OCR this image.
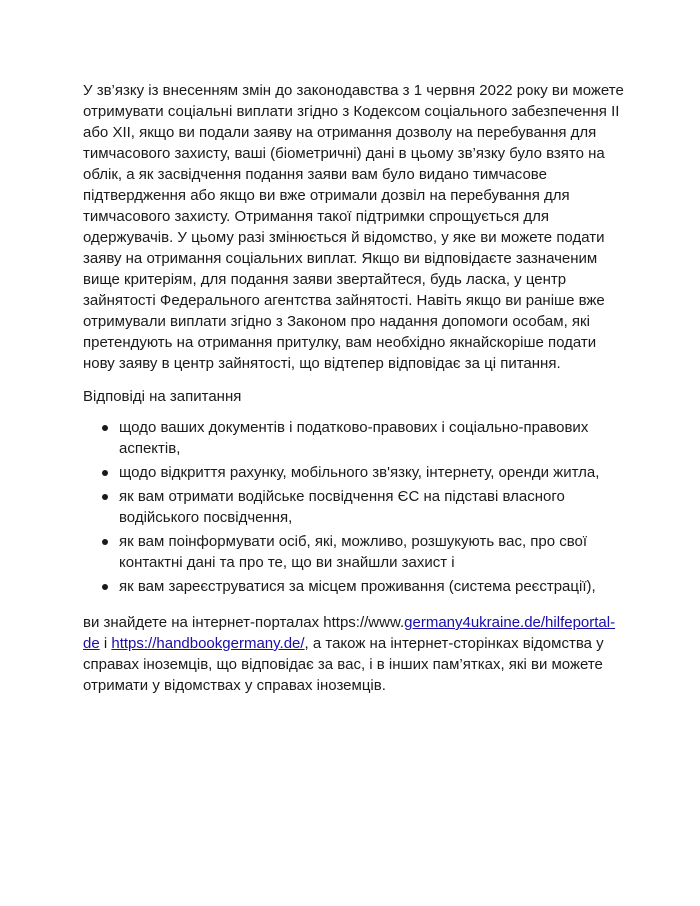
У зв’язку із внесенням змін до законодавства з 1 червня 2022 року ви можете отримувати соціальні виплати згідно з Кодексом соціального забезпечення II або XII, якщо ви подали заяву на отримання дозволу на перебування для тимчасового захисту, ваші (біометричні) дані в цьому зв’язку було взято на облік, а як засвідчення подання заяви вам було видано тимчасове підтвердження або якщо ви вже отримали дозвіл на перебування для тимчасового захисту. Отримання такої підтримки спрощується для одержувачів. У цьому разі змінюється й відомство, у яке ви можете подати заяву на отримання соціальних виплат. Якщо ви відповідаєте зазначеним вище критеріям, для подання заяви звертайтеся, будь ласка, у центр зайнятості Федерального агентства зайнятості. Навіть якщо ви раніше вже отримували виплати згідно з Законом про надання допомоги особам, які претендують на отримання притулку, вам необхідно якнайскоріше подати нову заяву в центр зайнятості, що відтепер відповідає за ці питання.

Відповіді на запитання

щодо ваших документів і податково-правових і соціально-правових аспектів,
щодо відкриття рахунку, мобільного зв'язку, інтернету, оренди житла,
як вам отримати водійське посвідчення ЄС на підставі власного водійського посвідчення,
як вам поінформувати осіб, які, можливо, розшукують вас, про свої контактні дані та про те, що ви знайшли захист і
як вам зареєструватися за місцем проживання (система реєстрації),

ви знайдете на інтернет-порталах https://www.germany4ukraine.de/hilfeportal-de і https://handbookgermany.de/, а також на інтернет-сторінках відомства у справах іноземців, що відповідає за вас, і в інших пам’ятках, які ви можете отримати у відомствах у справах іноземців.
